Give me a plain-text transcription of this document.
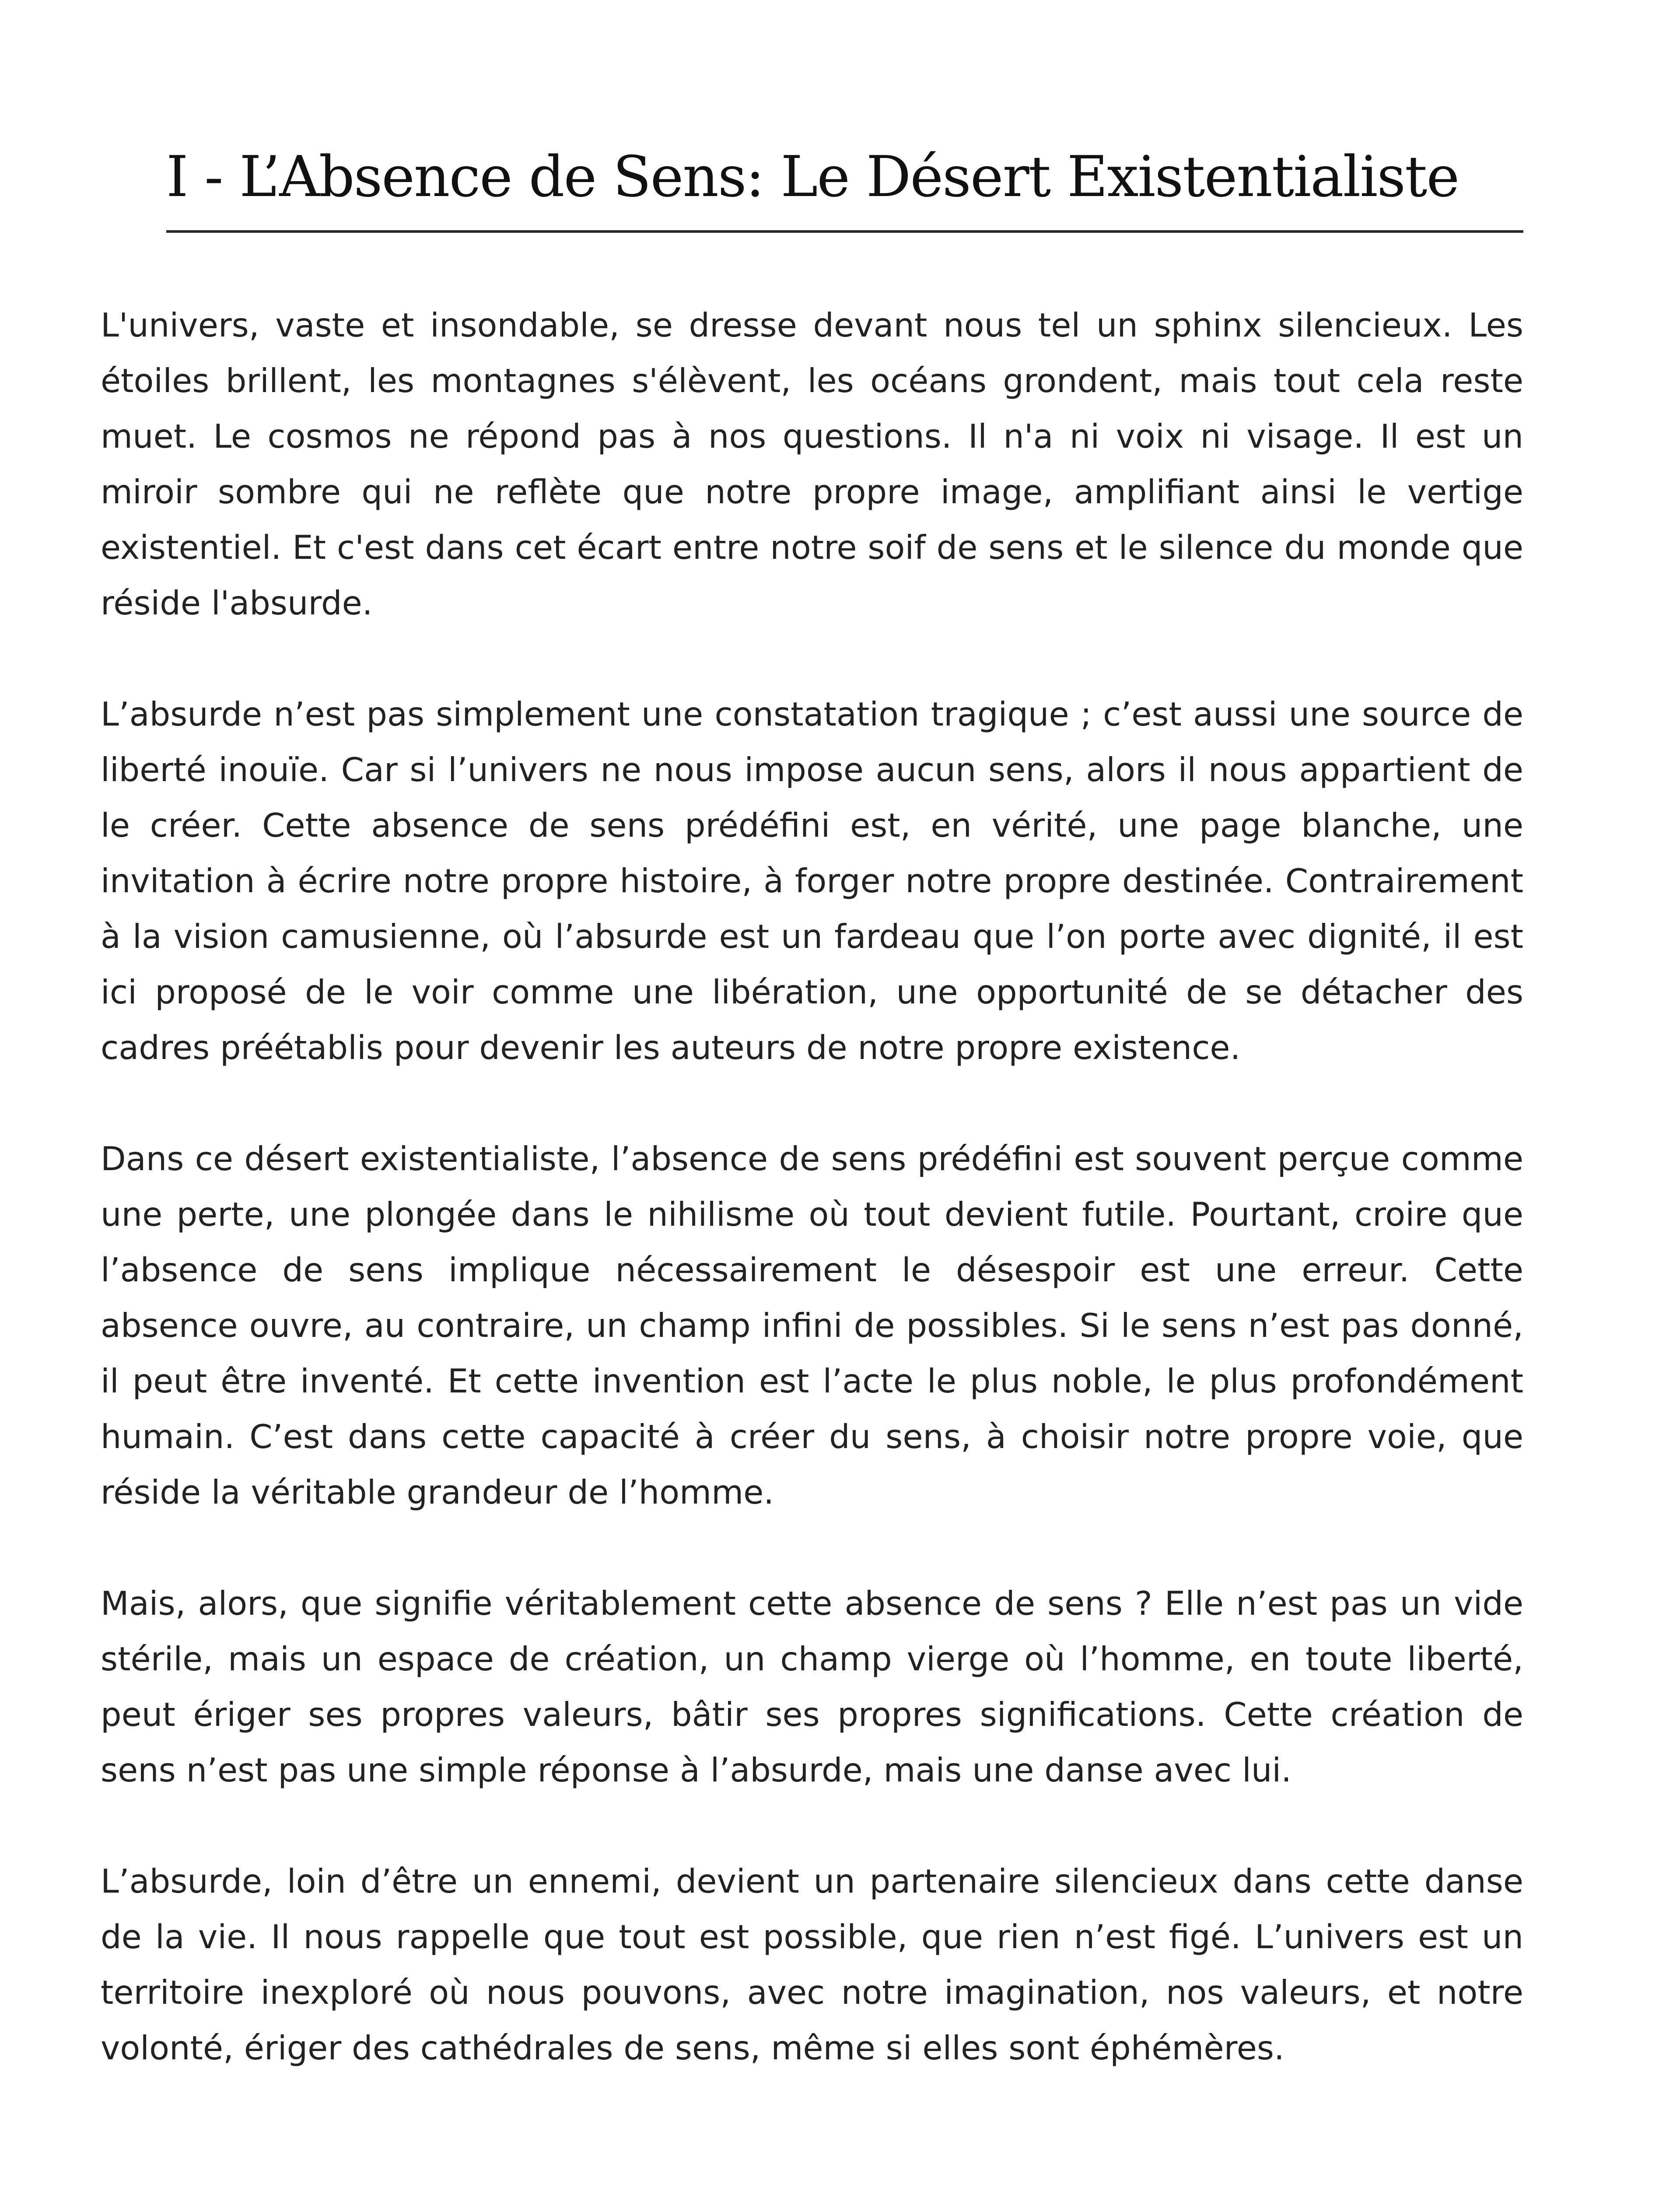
I - L’Absence de Sens: Le Désert Existentialiste

L'univers, vaste et insondable, se dresse devant nous tel un sphinx silencieux. Les étoiles brillent, les montagnes s'élèvent, les océans grondent, mais tout cela reste muet. Le cosmos ne répond pas à nos questions. Il n'a ni voix ni visage. Il est un miroir sombre qui ne reflète que notre propre image, amplifiant ainsi le vertige existentiel. Et c'est dans cet écart entre notre soif de sens et le silence du monde que réside l'absurde.

L’absurde n’est pas simplement une constatation tragique ; c’est aussi une source de liberté inouïe. Car si l’univers ne nous impose aucun sens, alors il nous appartient de le créer. Cette absence de sens prédéfini est, en vérité, une page blanche, une invitation à écrire notre propre histoire, à forger notre propre destinée. Contrairement à la vision camusienne, où l’absurde est un fardeau que l’on porte avec dignité, il est ici proposé de le voir comme une libération, une opportunité de se détacher des cadres préétablis pour devenir les auteurs de notre propre existence.

Dans ce désert existentialiste, l’absence de sens prédéfini est souvent perçue comme une perte, une plongée dans le nihilisme où tout devient futile. Pourtant, croire que l’absence de sens implique nécessairement le désespoir est une erreur. Cette absence ouvre, au contraire, un champ infini de possibles. Si le sens n’est pas donné, il peut être inventé. Et cette invention est l’acte le plus noble, le plus profondément humain. C’est dans cette capacité à créer du sens, à choisir notre propre voie, que réside la véritable grandeur de l’homme.

Mais, alors, que signifie véritablement cette absence de sens ? Elle n’est pas un vide stérile, mais un espace de création, un champ vierge où l’homme, en toute liberté, peut ériger ses propres valeurs, bâtir ses propres significations. Cette création de sens n’est pas une simple réponse à l’absurde, mais une danse avec lui.

L’absurde, loin d’être un ennemi, devient un partenaire silencieux dans cette danse de la vie. Il nous rappelle que tout est possible, que rien n’est figé. L’univers est un territoire inexploré où nous pouvons, avec notre imagination, nos valeurs, et notre volonté, ériger des cathédrales de sens, même si elles sont éphémères.
